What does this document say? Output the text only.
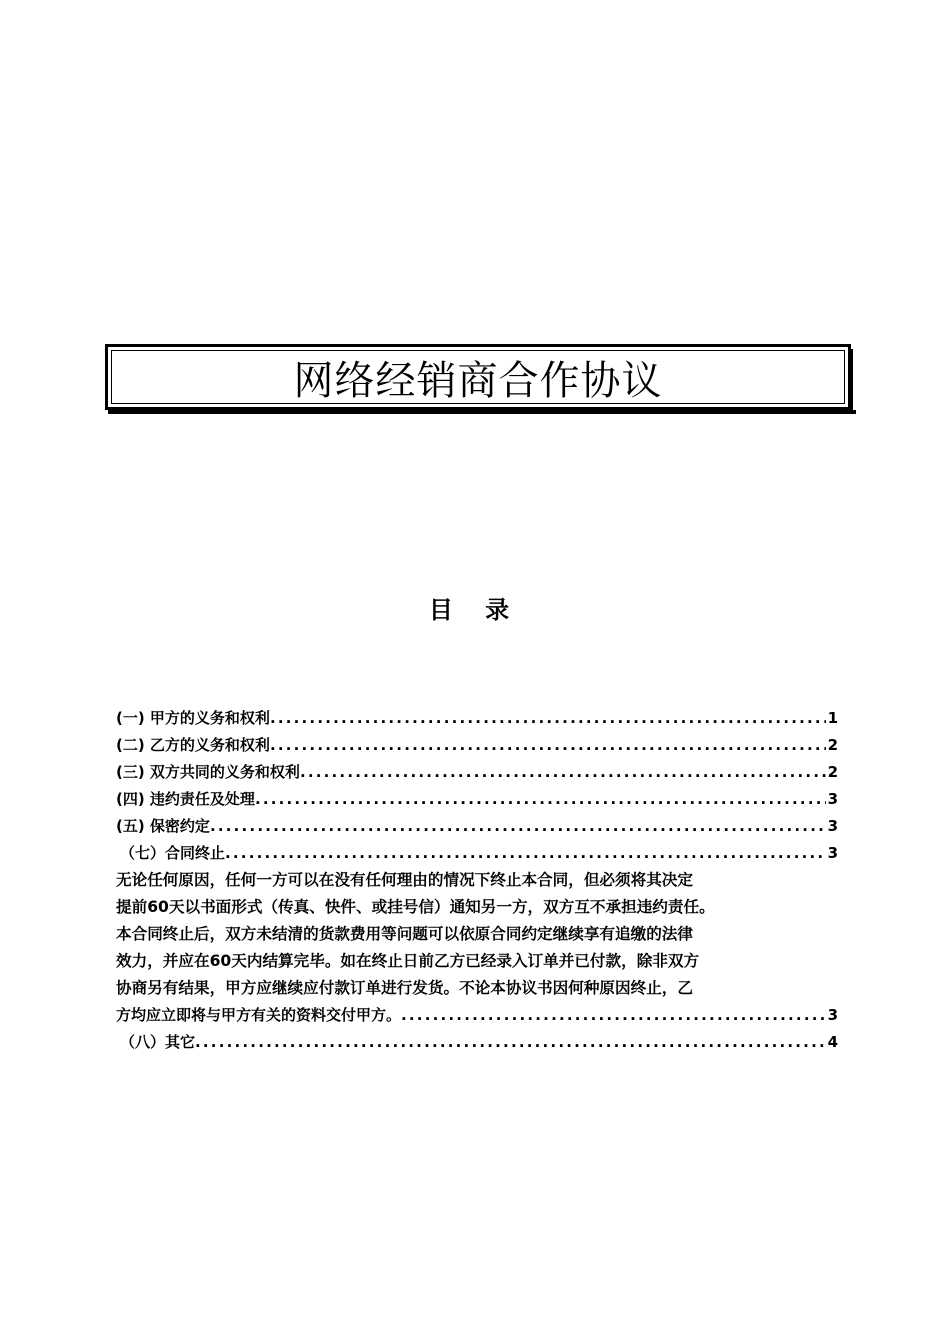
网络经销商合作协议
目 录
(一) 甲方的义务和权利 .....	1
(二) 乙方的义务和权利 .....	2
(三) 双方共同的义务和权利 .....	2
(四) 违约责任及处理 .....	3
(五) 保密约定 .....	3
（七）合同终止 .....	3
无论任何原因，任何一方可以在没有任何理由的情况下终止本合同，但必须将其决定
提前60天以书面形式（传真、快件、或挂号信）通知另一方，双方互不承担违约责任。
本合同终止后，双方未结清的货款费用等问题可以依原合同约定继续享有追缴的法律
效力，并应在60天内结算完毕。如在终止日前乙方已经录入订单并已付款，除非双方
协商另有结果，甲方应继续应付款订单进行发货。不论本协议书因何种原因终止，乙
方均应立即将与甲方有关的资料交付甲方。 .....	3
（八）其它 .....	4
